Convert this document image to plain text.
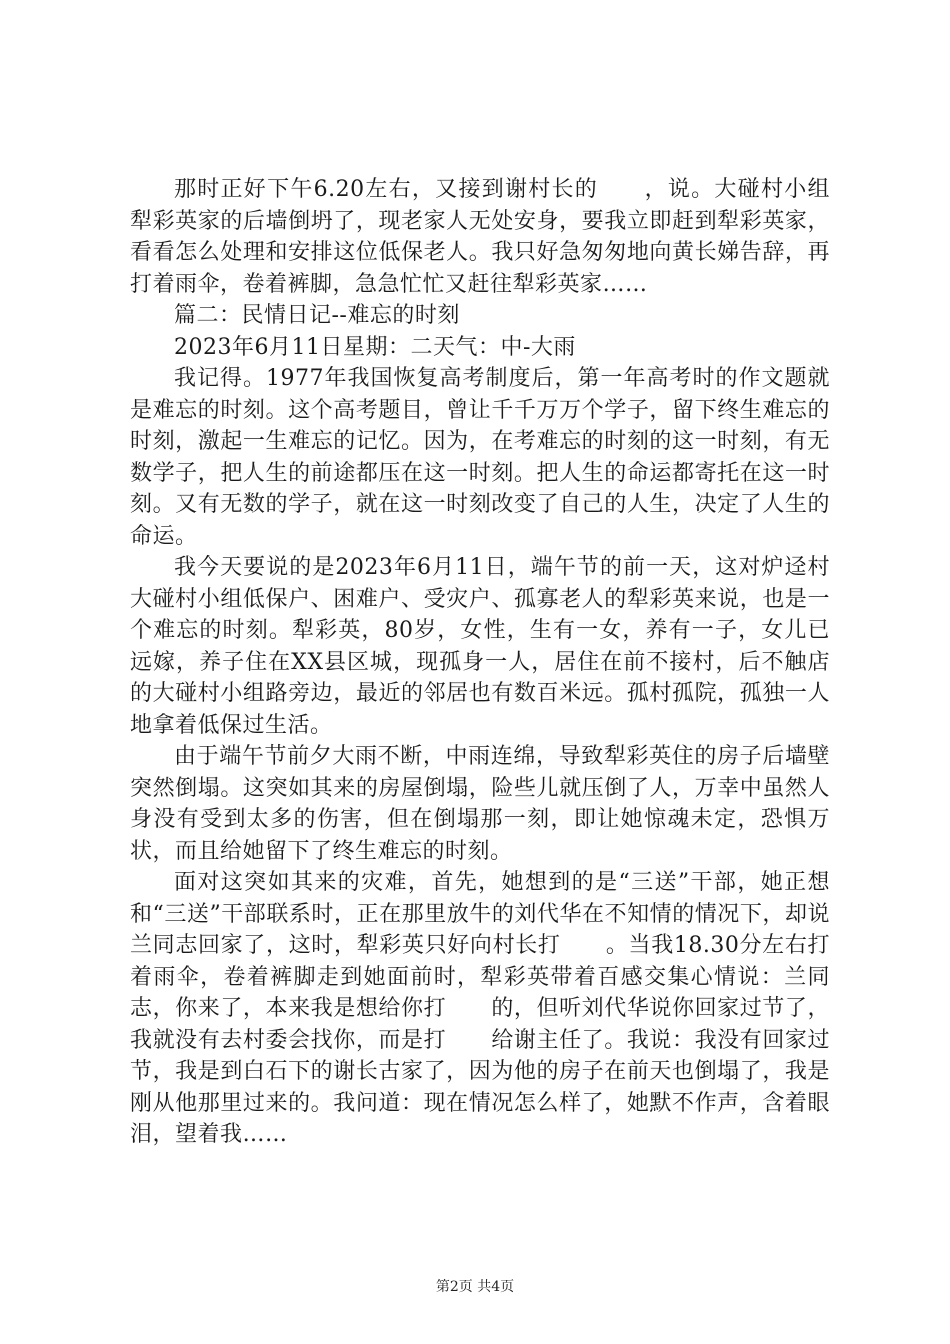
那时正好下午6.20左右，又接到谢村长的　　，说。大碰村小组犁彩英家的后墙倒坍了，现老家人无处安身，要我立即赶到犁彩英家，看看怎么处理和安排这位低保老人。我只好急匆匆地向黄长娣告辞，再打着雨伞，卷着裤脚，急急忙忙又赶往犁彩英家……

篇二：民情日记--难忘的时刻

2023年6月11日星期：二天气：中-大雨

我记得。1977年我国恢复高考制度后，第一年高考时的作文题就是难忘的时刻。这个高考题目，曾让千千万万个学子，留下终生难忘的时刻，激起一生难忘的记忆。因为，在考难忘的时刻的这一时刻，有无数学子，把人生的前途都压在这一时刻。把人生的命运都寄托在这一时刻。又有无数的学子，就在这一时刻改变了自己的人生，决定了人生的命运。

我今天要说的是2023年6月11日，端午节的前一天，这对炉迳村大碰村小组低保户、困难户、受灾户、孤寡老人的犁彩英来说，也是一个难忘的时刻。犁彩英，80岁，女性，生有一女，养有一子，女儿已远嫁，养子住在XX县区城，现孤身一人，居住在前不接村，后不触店的大碰村小组路旁边，最近的邻居也有数百米远。孤村孤院，孤独一人地拿着低保过生活。

由于端午节前夕大雨不断，中雨连绵，导致犁彩英住的房子后墙壁突然倒塌。这突如其来的房屋倒塌，险些儿就压倒了人，万幸中虽然人身没有受到太多的伤害，但在倒塌那一刻，即让她惊魂未定，恐惧万状，而且给她留下了终生难忘的时刻。

面对这突如其来的灾难，首先，她想到的是“三送”干部，她正想和“三送”干部联系时，正在那里放牛的刘代华在不知情的情况下，却说兰同志回家了，这时，犁彩英只好向村长打　　。当我18.30分左右打着雨伞，卷着裤脚走到她面前时，犁彩英带着百感交集心情说：兰同志，你来了，本来我是想给你打　　的，但听刘代华说你回家过节了，我就没有去村委会找你，而是打　　给谢主任了。我说：我没有回家过节，我是到白石下的谢长古家了，因为他的房子在前天也倒塌了，我是刚从他那里过来的。我问道：现在情况怎么样了，她默不作声，含着眼泪，望着我……

第2页 共4页
